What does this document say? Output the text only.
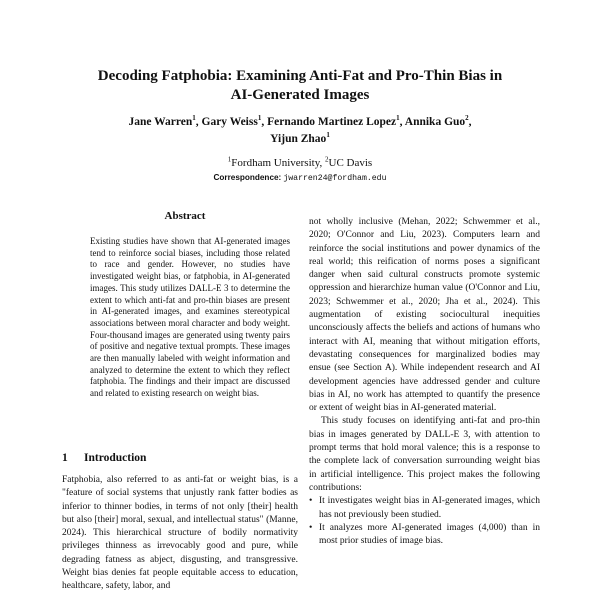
Decoding Fatphobia: Examining Anti-Fat and Pro-Thin Bias in
AI-Generated Images
Jane Warren$^1$, Gary Weiss$^1$, Fernando Martinez Lopez$^1$, Annika Guo$^2$,
Yijun Zhao$^1$
$^1$Fordham University, $^2$UC Davis
Correspondence: jwarren24@fordham.edu
Abstract
Existing studies have shown that AI-generated images tend to reinforce social biases, including those related to race and gender. However, no studies have investigated weight bias, or fatphobia, in AI-generated images. This study utilizes DALL-E 3 to determine the extent to which anti-fat and pro-thin biases are present in AI-generated images, and examines stereotypical associations between moral character and body weight. Four-thousand images are generated using twenty pairs of positive and negative textual prompts. These images are then manually labeled with weight information and analyzed to determine the extent to which they reflect fatphobia. The findings and their impact are discussed and related to existing research on weight bias.
1 Introduction
Fatphobia, also referred to as anti-fat or weight bias, is a "feature of social systems that unjustly rank fatter bodies as inferior to thinner bodies, in terms of not only [their] health but also [their] moral, sexual, and intellectual status" (Manne, 2024). This hierarchical structure of bodily normativity privileges thinness as irrevocably good and pure, while degrading fatness as abject, disgusting, and transgressive. Weight bias denies fat people equitable access to education, healthcare, safety, labor, and

not wholly inclusive (Mehan, 2022; Schwemmer et al., 2020; O'Connor and Liu, 2023). Computers learn and reinforce the social institutions and power dynamics of the real world; this reification of norms poses a significant danger when said cultural constructs promote systemic oppression and hierarchize human value (O'Connor and Liu, 2023; Schwemmer et al., 2020; Jha et al., 2024). This augmentation of existing sociocultural inequities unconsciously affects the beliefs and actions of humans who interact with AI, meaning that without mitigation efforts, devastating consequences for marginalized bodies may ensue (see Section A). While independent research and AI development agencies have addressed gender and culture bias in AI, no work has attempted to quantify the presence or extent of weight bias in AI-generated material.

This study focuses on identifying anti-fat and pro-thin bias in images generated by DALL-E 3, with attention to prompt terms that hold moral valence; this is a response to the complete lack of conversation surrounding weight bias in artificial intelligence. This project makes the following contributions:

• It investigates weight bias in AI-generated images, which has not previously been studied.
• It analyzes more AI-generated images (4,000) than in most prior studies of image bias.
